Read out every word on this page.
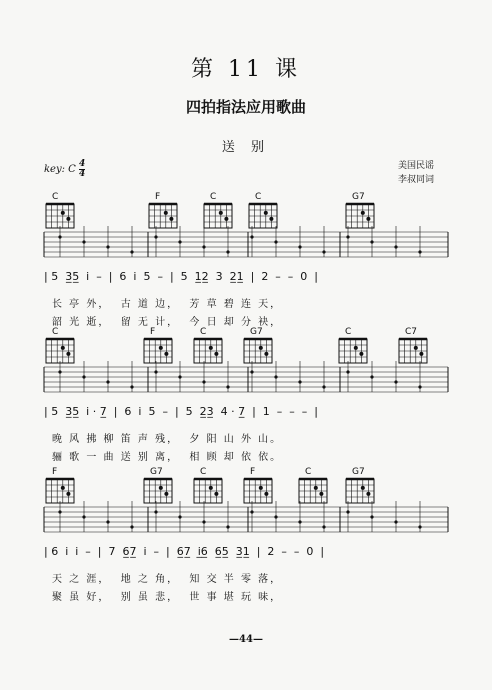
第 11 课
四拍指法应用歌曲
送 别
美国民谣
李叔同词
key: C $\frac{4}{4}$
C	F	C	C	G7
| 5  3̲5̲  i  –  |  6  i  5  –  |  5  1̲2̲  3  2̲1̲  |  2  –  –  0  |
长 亭 外，  古 道 边，  芳 草 碧 连 天，
韶 光 逝，  留 无 计，  今 日 却 分 袂，
C	F	C	G7	C	C7
| 5  3̲5̲  i · 7̲  |  6  i  5  –  |  5  2̲3̲  4 · 7̲  |  1  –  –  –  |
晚 风 拂 柳 笛 声 残，  夕 阳 山 外 山。
骊 歌 一 曲 送 别 离，  相 顾 却 依 依。
F	G7	C	F	C	G7
| 6  i  i  –  |  7  6̲7̲  i  –  |  6̲7̲  i̲6̲  6̲5̲  3̲1̲  |  2  –  –  0  |
天 之 涯，  地 之 角，  知 交 半 零 落，
聚 虽 好，  别 虽 悲，  世 事 堪 玩 味，
—44—
